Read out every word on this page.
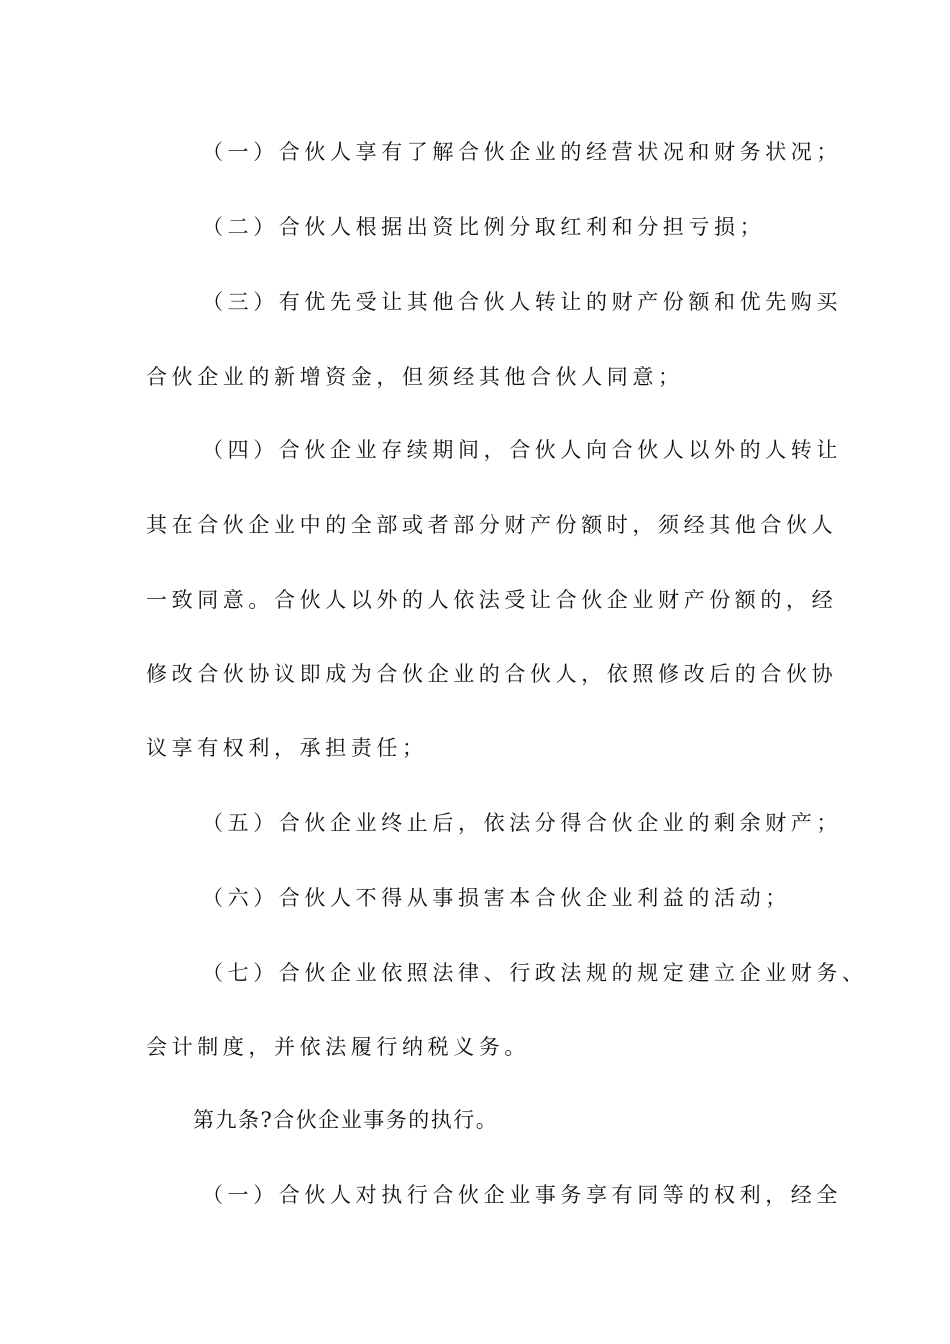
（一）合伙人享有了解合伙企业的经营状况和财务状况；
（二）合伙人根据出资比例分取红利和分担亏损；
（三）有优先受让其他合伙人转让的财产份额和优先购买
合伙企业的新增资金，但须经其他合伙人同意；
（四）合伙企业存续期间，合伙人向合伙人以外的人转让
其在合伙企业中的全部或者部分财产份额时，须经其他合伙人
一致同意。合伙人以外的人依法受让合伙企业财产份额的，经
修改合伙协议即成为合伙企业的合伙人，依照修改后的合伙协
议享有权利，承担责任；
（五）合伙企业终止后，依法分得合伙企业的剩余财产；
（六）合伙人不得从事损害本合伙企业利益的活动；
（七）合伙企业依照法律、行政法规的规定建立企业财务、
会计制度，并依法履行纳税义务。
第九条?合伙企业事务的执行。
（一）合伙人对执行合伙企业事务享有同等的权利，经全
